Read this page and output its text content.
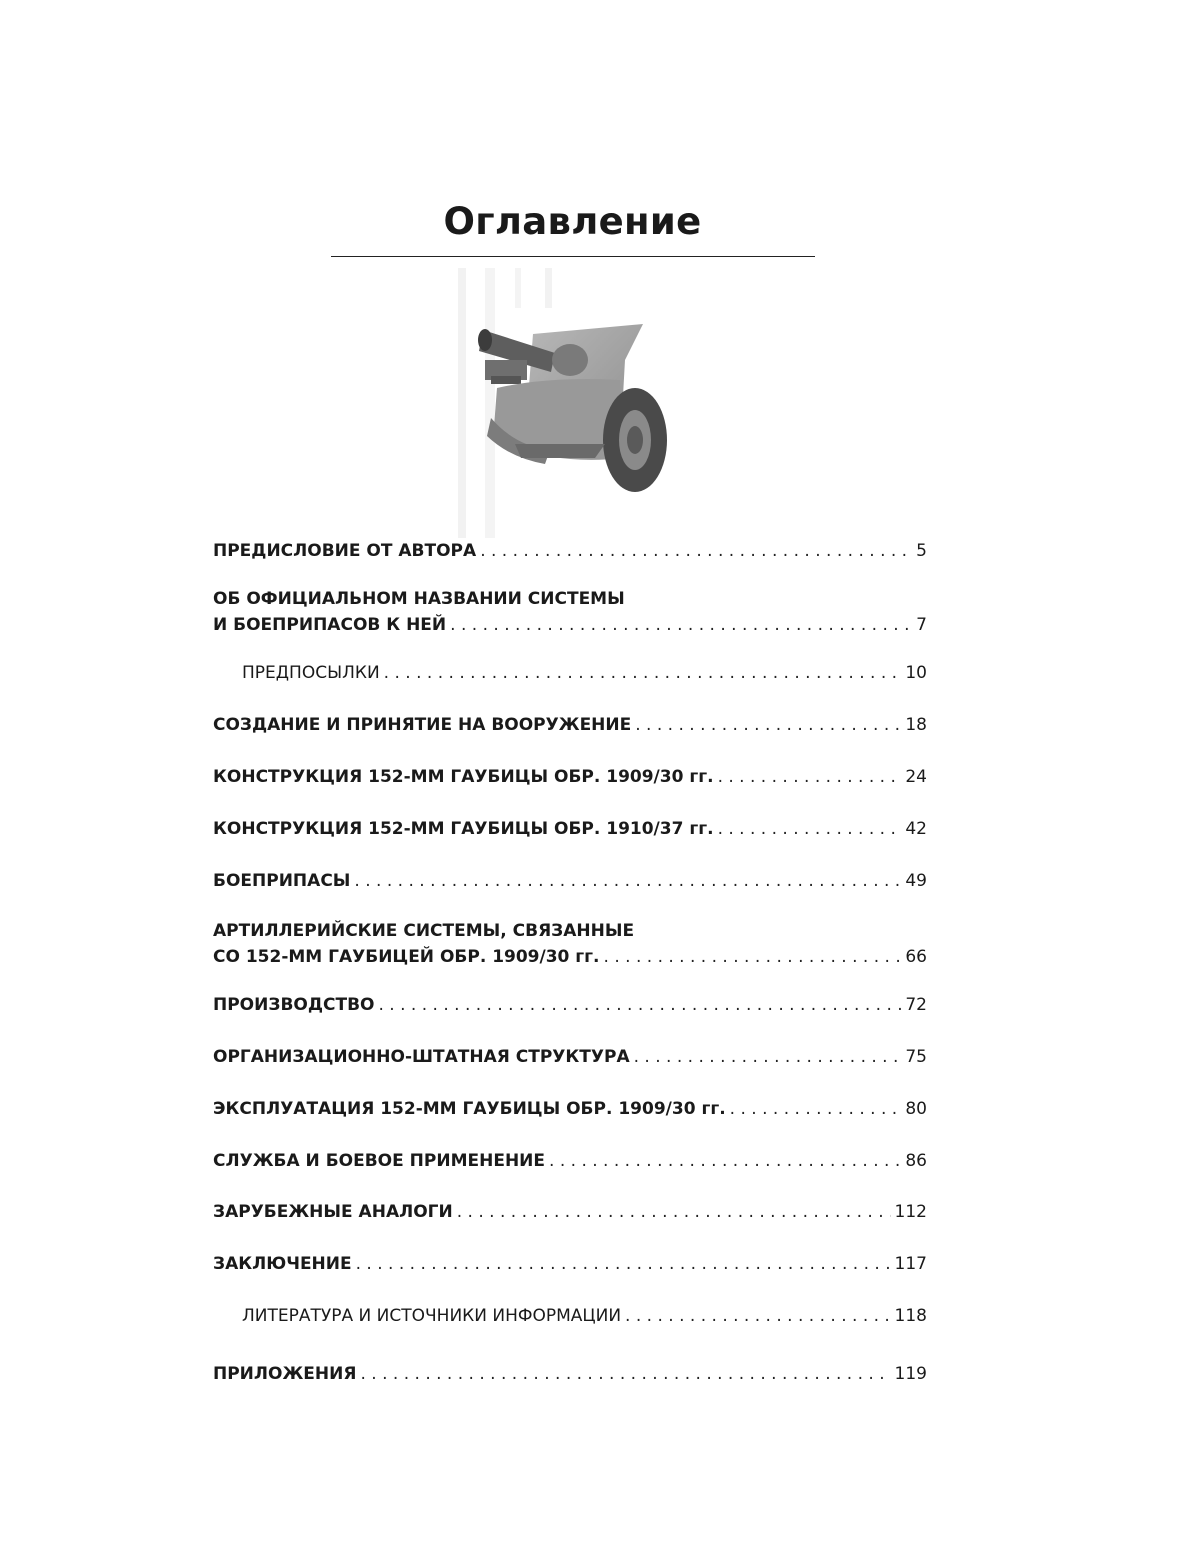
Оглавление
ПРЕДИСЛОВИЕ ОТ АВТОРА . . .	5
ОБ ОФИЦИАЛЬНОМ НАЗВАНИИ СИСТЕМЫ
И БОЕПРИПАСОВ К НЕЙ . . .	7
ПРЕДПОСЫЛКИ . . .	10
СОЗДАНИЕ И ПРИНЯТИЕ НА ВООРУЖЕНИЕ . . .	18
КОНСТРУКЦИЯ 152-ММ ГАУБИЦЫ ОБР. 1909/30 гг. . . .	24
КОНСТРУКЦИЯ 152-ММ ГАУБИЦЫ ОБР. 1910/37 гг. . . .	42
БОЕПРИПАСЫ . . .	49
АРТИЛЛЕРИЙСКИЕ СИСТЕМЫ, СВЯЗАННЫЕ
СО 152-ММ ГАУБИЦЕЙ ОБР. 1909/30 гг. . . .	66
ПРОИЗВОДСТВО . . .	72
ОРГАНИЗАЦИОННО-ШТАТНАЯ СТРУКТУРА . . .	75
ЭКСПЛУАТАЦИЯ 152-ММ ГАУБИЦЫ ОБР. 1909/30 гг. . . .	80
СЛУЖБА И БОЕВОЕ ПРИМЕНЕНИЕ . . .	86
ЗАРУБЕЖНЫЕ АНАЛОГИ . . .	112
ЗАКЛЮЧЕНИЕ . . .	117
ЛИТЕРАТУРА И ИСТОЧНИКИ ИНФОРМАЦИИ . . .	118
ПРИЛОЖЕНИЯ . . .	119
